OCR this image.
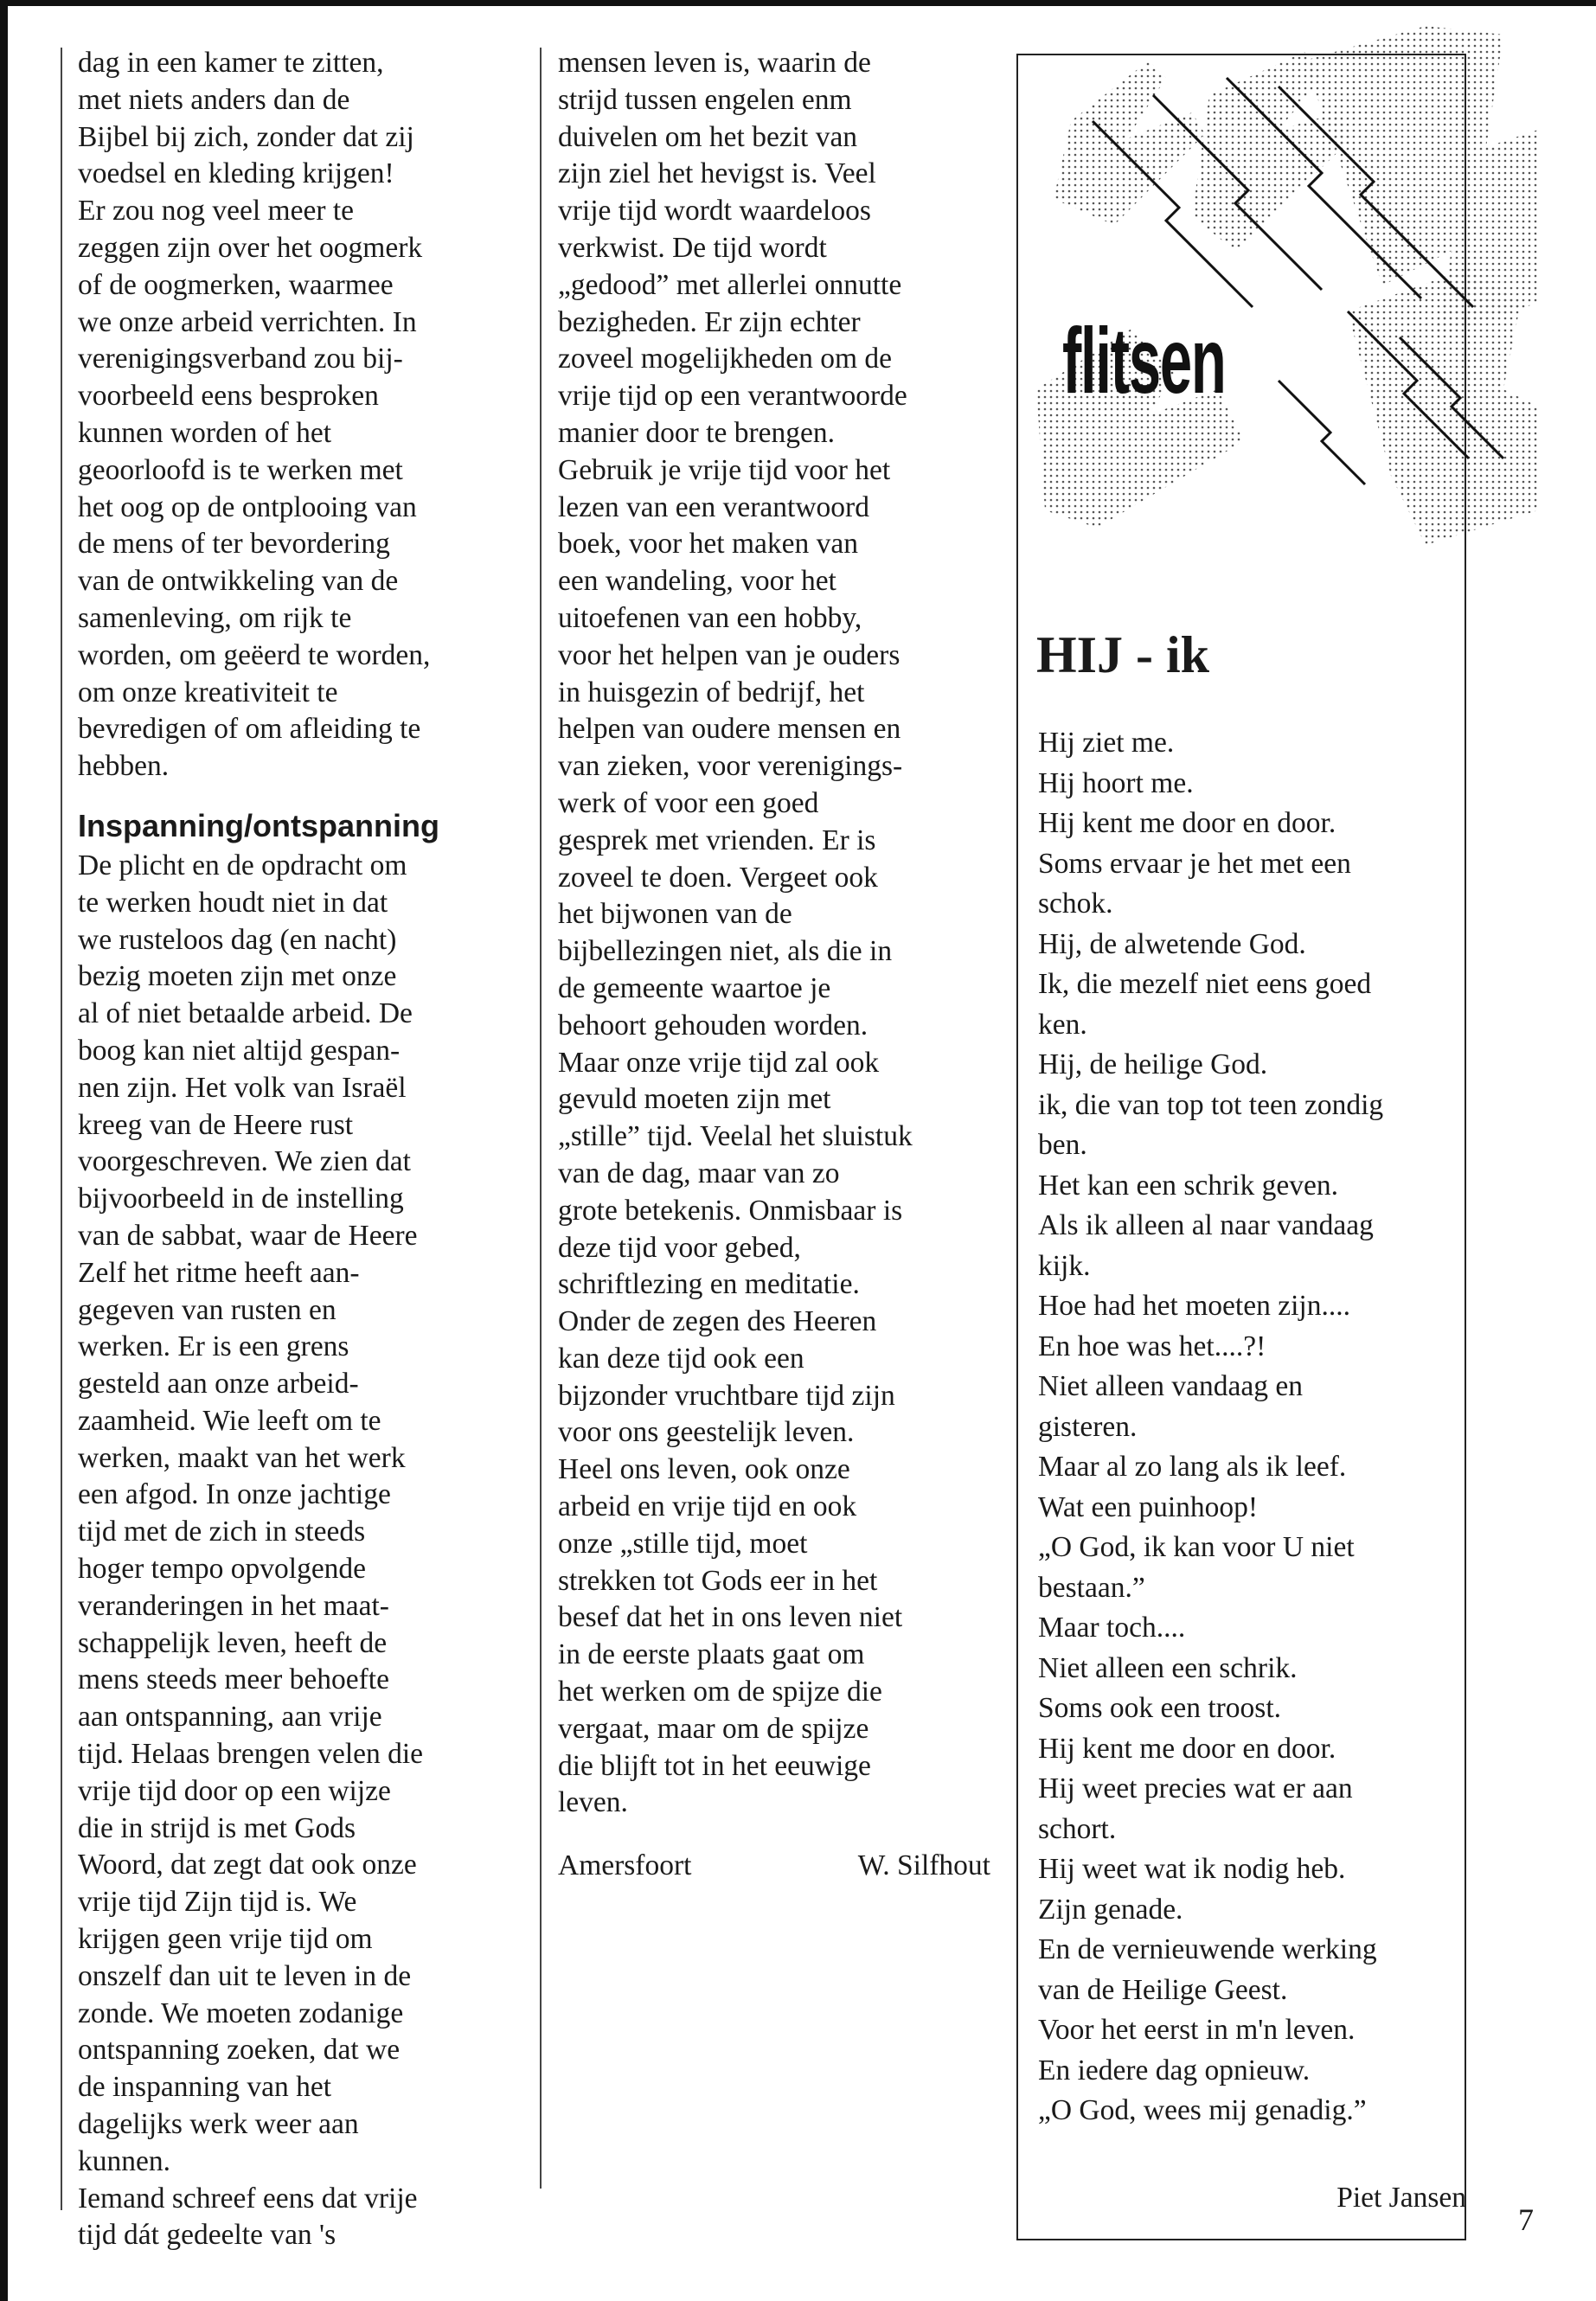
dag in een kamer te zitten,
met niets anders dan de
Bijbel bij zich, zonder dat zij
voedsel en kleding krijgen!
Er zou nog veel meer te
zeggen zijn over het oogmerk
of de oogmerken, waarmee
we onze arbeid verrichten. In
verenigingsverband zou bij-
voorbeeld eens besproken
kunnen worden of het
geoorloofd is te werken met
het oog op de ontplooing van
de mens of ter bevordering
van de ontwikkeling van de
samenleving, om rijk te
worden, om geëerd te worden,
om onze kreativiteit te
bevredigen of om afleiding te
hebben.

Inspanning/ontspanning

De plicht en de opdracht om
te werken houdt niet in dat
we rusteloos dag (en nacht)
bezig moeten zijn met onze
al of niet betaalde arbeid. De
boog kan niet altijd gespan-
nen zijn. Het volk van Israël
kreeg van de Heere rust
voorgeschreven. We zien dat
bijvoorbeeld in de instelling
van de sabbat, waar de Heere
Zelf het ritme heeft aan-
gegeven van rusten en
werken. Er is een grens
gesteld aan onze arbeid-
zaamheid. Wie leeft om te
werken, maakt van het werk
een afgod. In onze jachtige
tijd met de zich in steeds
hoger tempo opvolgende
veranderingen in het maat-
schappelijk leven, heeft de
mens steeds meer behoefte
aan ontspanning, aan vrije
tijd. Helaas brengen velen die
vrije tijd door op een wijze
die in strijd is met Gods
Woord, dat zegt dat ook onze
vrije tijd Zijn tijd is. We
krijgen geen vrije tijd om
onszelf dan uit te leven in de
zonde. We moeten zodanige
ontspanning zoeken, dat we
de inspanning van het
dagelijks werk weer aan
kunnen.
Iemand schreef eens dat vrije
tijd dát gedeelte van 's

mensen leven is, waarin de
strijd tussen engelen enm
duivelen om het bezit van
zijn ziel het hevigst is. Veel
vrije tijd wordt waardeloos
verkwist. De tijd wordt
„gedood” met allerlei onnutte
bezigheden. Er zijn echter
zoveel mogelijkheden om de
vrije tijd op een verantwoorde
manier door te brengen.
Gebruik je vrije tijd voor het
lezen van een verantwoord
boek, voor het maken van
een wandeling, voor het
uitoefenen van een hobby,
voor het helpen van je ouders
in huisgezin of bedrijf, het
helpen van oudere mensen en
van zieken, voor verenigings-
werk of voor een goed
gesprek met vrienden. Er is
zoveel te doen. Vergeet ook
het bijwonen van de
bijbellezingen niet, als die in
de gemeente waartoe je
behoort gehouden worden.
Maar onze vrije tijd zal ook
gevuld moeten zijn met
„stille” tijd. Veelal het sluistuk
van de dag, maar van zo
grote betekenis. Onmisbaar is
deze tijd voor gebed,
schriftlezing en meditatie.
Onder de zegen des Heeren
kan deze tijd ook een
bijzonder vruchtbare tijd zijn
voor ons geestelijk leven.
Heel ons leven, ook onze
arbeid en vrije tijd en ook
onze „stille tijd, moet
strekken tot Gods eer in het
besef dat het in ons leven niet
in de eerste plaats gaat om
het werken om de spijze die
vergaat, maar om de spijze
die blijft tot in het eeuwige
leven.

Amersfoort	W. Silfhout
flitsen
HIJ - ik
Hij ziet me.
Hij hoort me.
Hij kent me door en door.
Soms ervaar je het met een
schok.
Hij, de alwetende God.
Ik, die mezelf niet eens goed
ken.
Hij, de heilige God.
ik, die van top tot teen zondig
ben.
Het kan een schrik geven.
Als ik alleen al naar vandaag
kijk.
Hoe had het moeten zijn....
En hoe was het....?!
Niet alleen vandaag en
gisteren.
Maar al zo lang als ik leef.
Wat een puinhoop!
„O God, ik kan voor U niet
bestaan.”
Maar toch....
Niet alleen een schrik.
Soms ook een troost.
Hij kent me door en door.
Hij weet precies wat er aan
schort.
Hij weet wat ik nodig heb.
Zijn genade.
En de vernieuwende werking
van de Heilige Geest.
Voor het eerst in m'n leven.
En iedere dag opnieuw.
„O God, wees mij genadig.”
Piet Jansen
7
